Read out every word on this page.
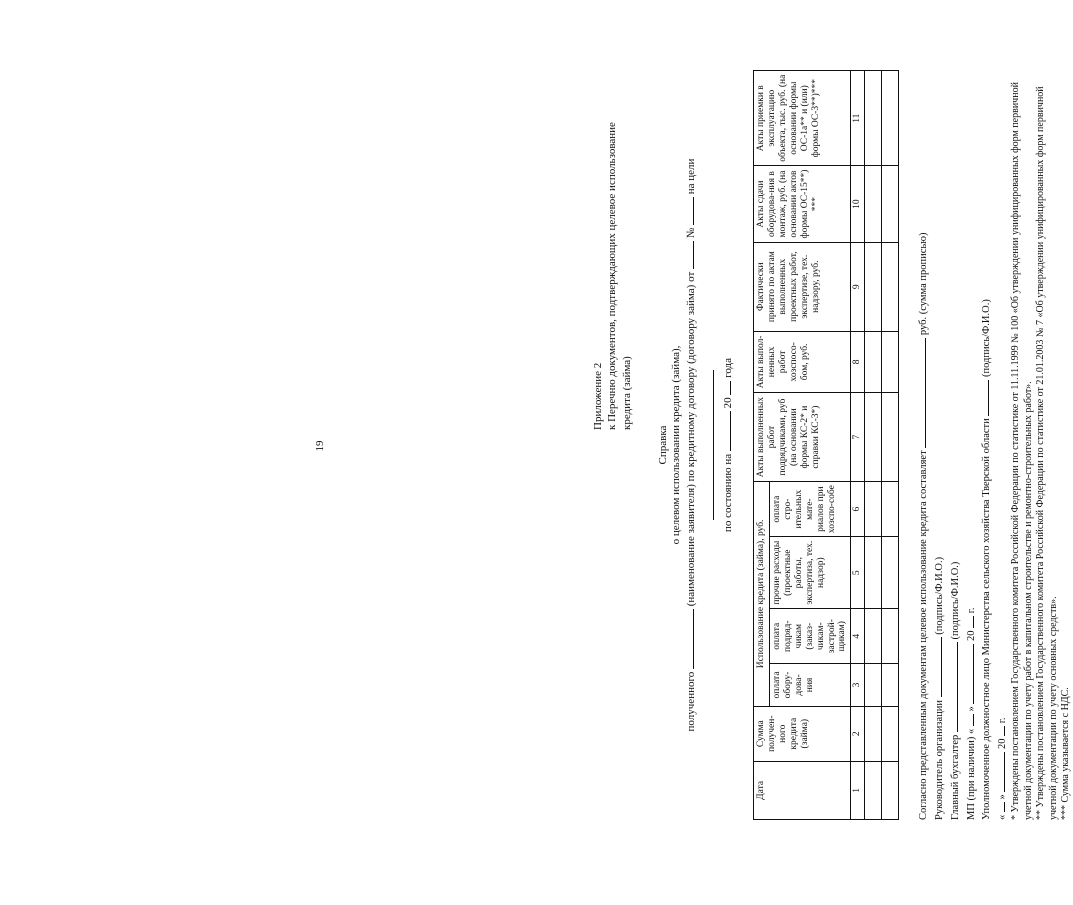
19
Приложение 2 к Перечню документов, подтверждающих целевое использование кредита (займа)

Справка о целевом использовании кредита (займа),

полученного  (наименование заявителя) по кредитному договору (договору займа) от  №  на цели

по состоянию на  20  года

Дата	Сумма получен-ного кредита (займа)	Использование кредита (займа), руб.				Акты выполненных работ подрядчиками, руб (на основании формы КС-2* и справки КС-3*)	Акты выпол-ненных работ хозспосо-бом, руб.	Фактически принято по актам выполненных проектных работ, экспертизе, тех. надзору, руб.	Акты сдачи оборудова-ния в монтаж, руб. (на основании актов формы ОС-15**) ***	Акты приемки в эксплуатацию объекта, тыс. руб. (на основании формы ОС-1а** и (или) формы ОС-3**)***
		оплата обору-дова-ния	оплата подряд-чикам (заказ-чикам-застрой-щикам)	прочие расходы (проектные работы, экспертиза, тех. надзор)	оплата стро-ительных мате-риалов при хозспо-собе					
1	2	3	4	5	6	7	8	9	10	11

Согласно представленным документам целевое использование кредита составляет  руб. (сумма прописью)

Руководитель организации  (подпись/Ф.И.О.)

Главный бухгалтер  (подпись/Ф.И.О.)

МП (при наличии) «  »  20  г. Уполномоченное должностное лицо Министерства сельского хозяйства Тверской области  (подпись/Ф.И.О.)

«  »  20  г. * Утверждены постановлением Государственного комитета Российской Федерации по статистике от 11.11.1999 № 100 «Об утверждении унифицированных форм первичной учетной документации по учету работ в капитальном строительстве и ремонтно-строительных работ». ** Утверждены постановлением Государственного комитета Российской Федерации по статистике от 21.01.2003 № 7 «Об утверждении унифицированных форм первичной учетной документации по учету основных средств». *** Сумма указывается с НДС.
